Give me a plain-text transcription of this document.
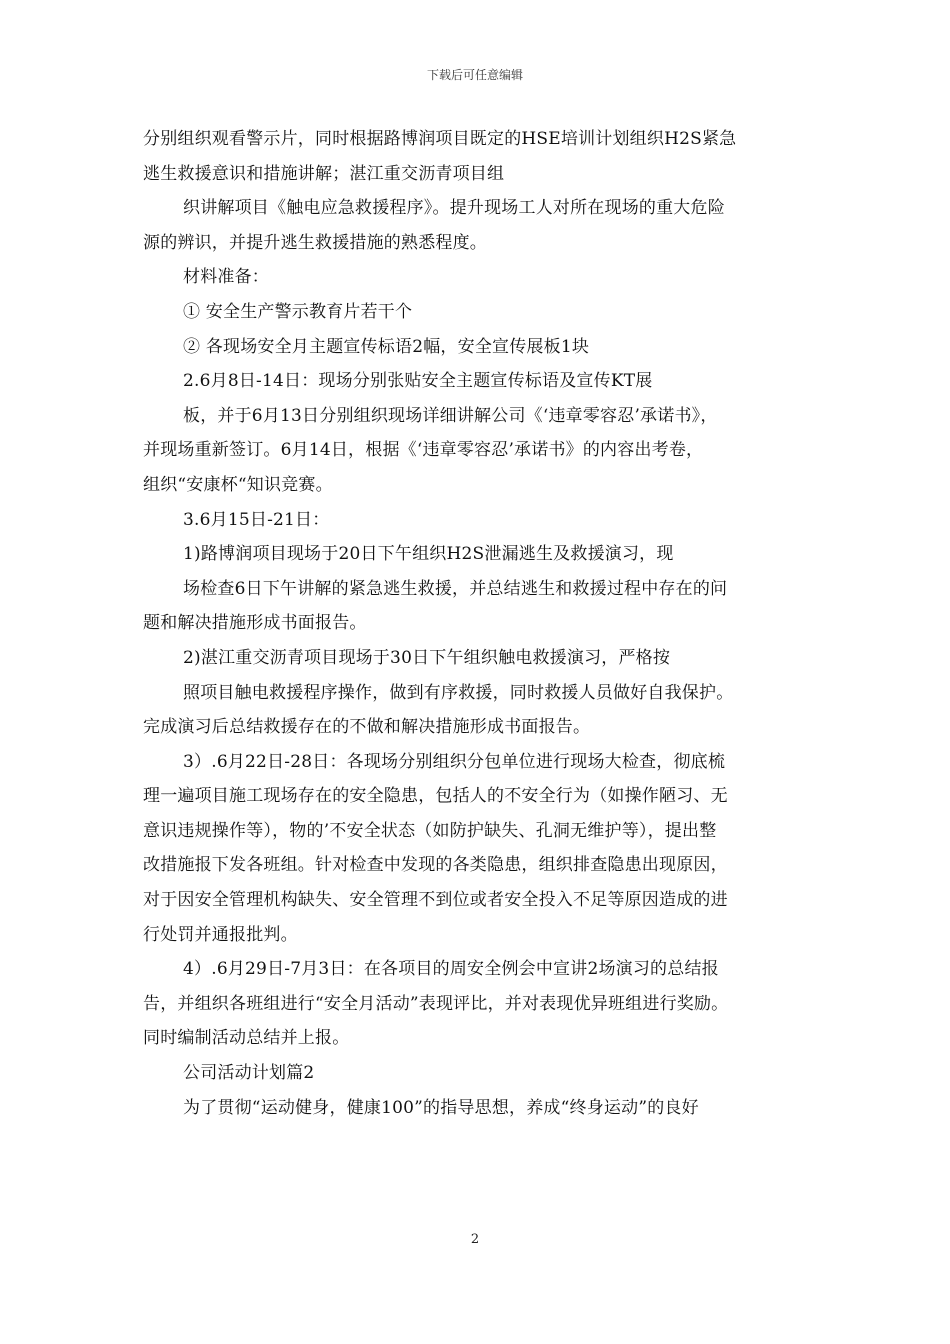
下载后可任意编辑
分别组织观看警示片，同时根据路博润项目既定的HSE培训计划组织H2S紧急
逃生救援意识和措施讲解；湛江重交沥青项目组
织讲解项目《触电应急救援程序》。提升现场工人对所在现场的重大危险
源的辨识，并提升逃生救援措施的熟悉程度。
材料准备：
① 安全生产警示教育片若干个
② 各现场安全月主题宣传标语2幅，安全宣传展板1块
2.6月8日-14日：现场分别张贴安全主题宣传标语及宣传KT展
板，并于6月13日分别组织现场详细讲解公司《‘违章零容忍’承诺书》，
并现场重新签订。6月14日，根据《‘违章零容忍’承诺书》的内容出考卷，
组织“安康杯“知识竞赛。
3.6月15日-21日：
1)路博润项目现场于20日下午组织H2S泄漏逃生及救援演习，现
场检查6日下午讲解的紧急逃生救援，并总结逃生和救援过程中存在的问
题和解决措施形成书面报告。
2)湛江重交沥青项目现场于30日下午组织触电救援演习，严格按
照项目触电救援程序操作，做到有序救援，同时救援人员做好自我保护。
完成演习后总结救援存在的不做和解决措施形成书面报告。
3）.6月22日-28日：各现场分别组织分包单位进行现场大检查，彻底梳
理一遍项目施工现场存在的安全隐患，包括人的不安全行为（如操作陋习、无
意识违规操作等），物的’不安全状态（如防护缺失、孔洞无维护等），提出整
改措施报下发各班组。针对检查中发现的各类隐患，组织排查隐患出现原因，
对于因安全管理机构缺失、安全管理不到位或者安全投入不足等原因造成的进
行处罚并通报批判。
4）.6月29日-7月3日：在各项目的周安全例会中宣讲2场演习的总结报
告，并组织各班组进行“安全月活动”表现评比，并对表现优异班组进行奖励。
同时编制活动总结并上报。
公司活动计划篇2
为了贯彻“运动健身，健康100”的指导思想，养成“终身运动”的良好
2
